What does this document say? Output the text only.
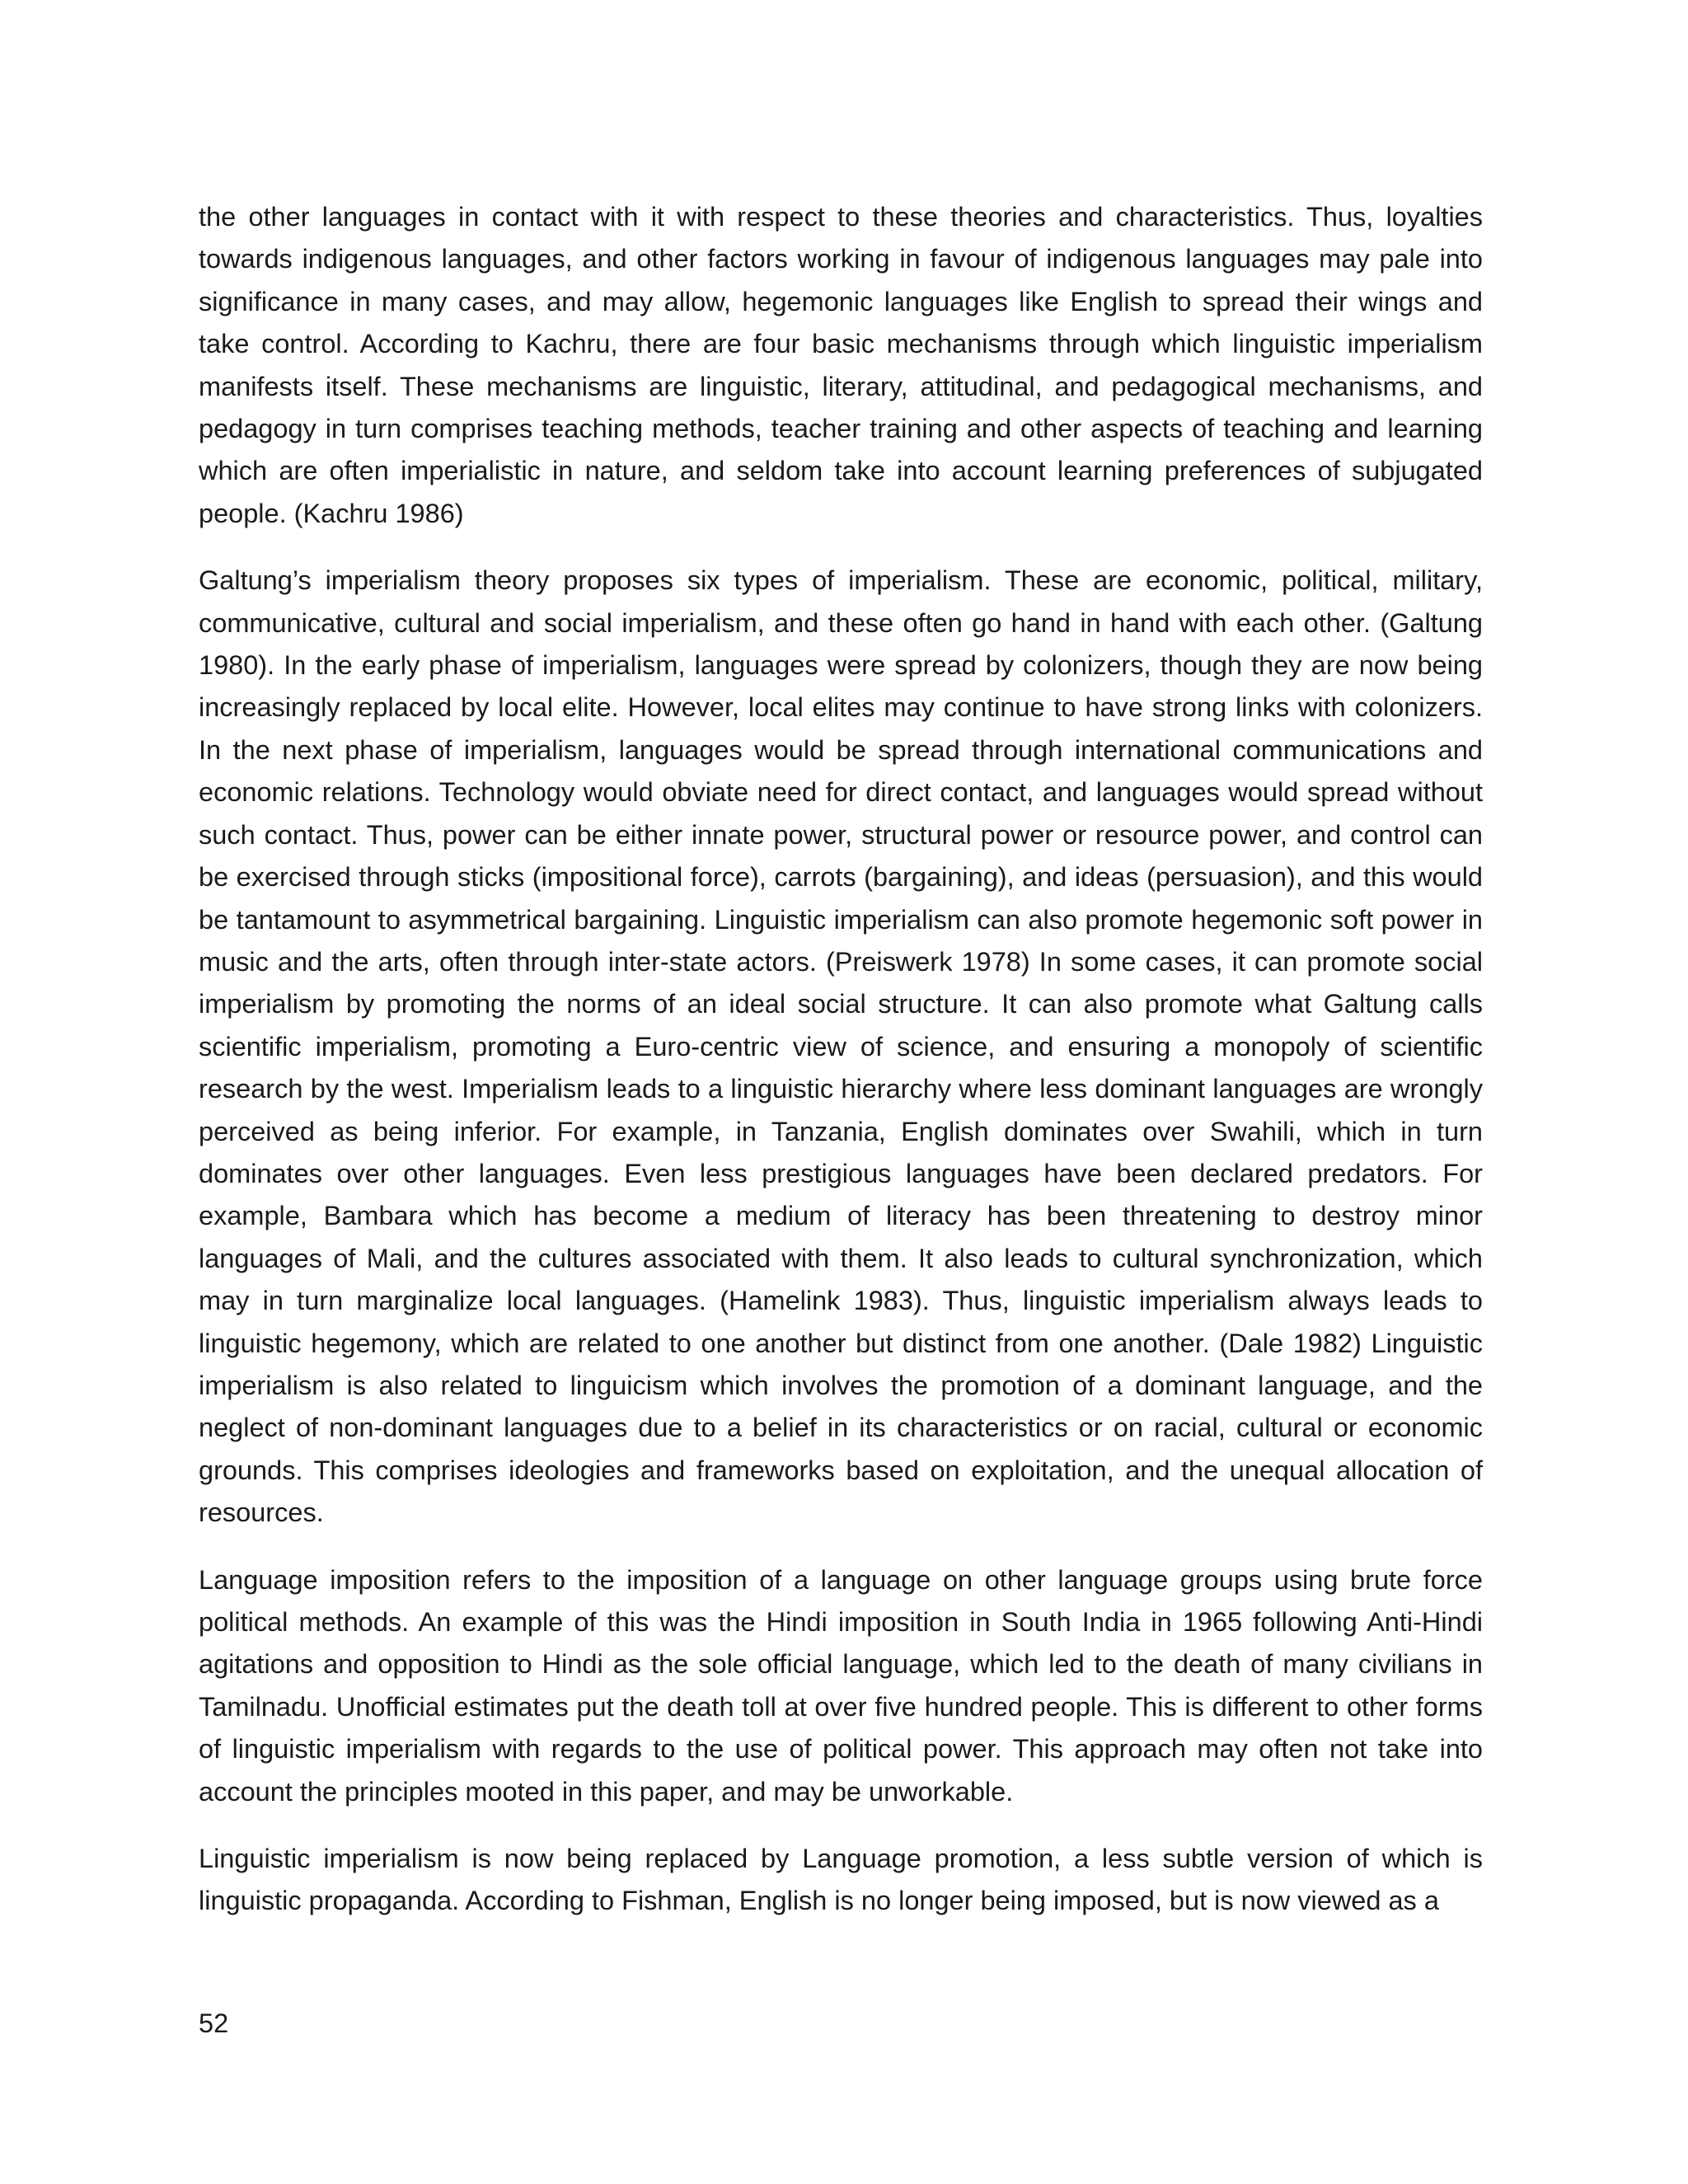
the other languages in contact with it with respect to these theories and characteristics. Thus, loyalties towards indigenous languages, and other factors working in favour of indigenous languages may pale into significance in many cases, and may allow, hegemonic languages like English to spread their wings and take control. According to Kachru, there are four basic mechanisms through which linguistic imperialism manifests itself. These mechanisms are linguistic, literary, attitudinal, and pedagogical mechanisms, and pedagogy in turn comprises teaching methods, teacher training and other aspects of teaching and learning which are often imperialistic in nature, and seldom take into account learning preferences of subjugated people. (Kachru 1986)

Galtung’s imperialism theory proposes six types of imperialism. These are economic, political, military, communicative, cultural and social imperialism, and these often go hand in hand with each other. (Galtung 1980). In the early phase of imperialism, languages were spread by colonizers, though they are now being increasingly replaced by local elite. However, local elites may continue to have strong links with colonizers. In the next phase of imperialism, languages would be spread through international communications and economic relations. Technology would obviate need for direct contact, and languages would spread without such contact. Thus, power can be either innate power, structural power or resource power, and control can be exercised through sticks (impositional force), carrots (bargaining), and ideas (persuasion), and this would be tantamount to asymmetrical bargaining. Linguistic imperialism can also promote hegemonic soft power in music and the arts, often through inter-state actors. (Preiswerk 1978) In some cases, it can promote social imperialism by promoting the norms of an ideal social structure. It can also promote what Galtung calls scientific imperialism, promoting a Euro-centric view of science, and ensuring a monopoly of scientific research by the west. Imperialism leads to a linguistic hierarchy where less dominant languages are wrongly perceived as being inferior. For example, in Tanzania, English dominates over Swahili, which in turn dominates over other languages. Even less prestigious languages have been declared predators. For example, Bambara which has become a medium of literacy has been threatening to destroy minor languages of Mali, and the cultures associated with them. It also leads to cultural synchronization, which may in turn marginalize local languages. (Hamelink 1983). Thus, linguistic imperialism always leads to linguistic hegemony, which are related to one another but distinct from one another. (Dale 1982) Linguistic imperialism is also related to linguicism which involves the promotion of a dominant language, and the neglect of non-dominant languages due to a belief in its characteristics or on racial, cultural or economic grounds. This comprises ideologies and frameworks based on exploitation, and the unequal allocation of resources.

Language imposition refers to the imposition of a language on other language groups using brute force political methods. An example of this was the Hindi imposition in South India in 1965 following Anti-Hindi agitations and opposition to Hindi as the sole official language, which led to the death of many civilians in Tamilnadu. Unofficial estimates put the death toll at over five hundred people. This is different to other forms of linguistic imperialism with regards to the use of political power. This approach may often not take into account the principles mooted in this paper, and may be unworkable.

Linguistic imperialism is now being replaced by Language promotion, a less subtle version of which is linguistic propaganda. According to Fishman, English is no longer being imposed, but is now viewed as a

52
